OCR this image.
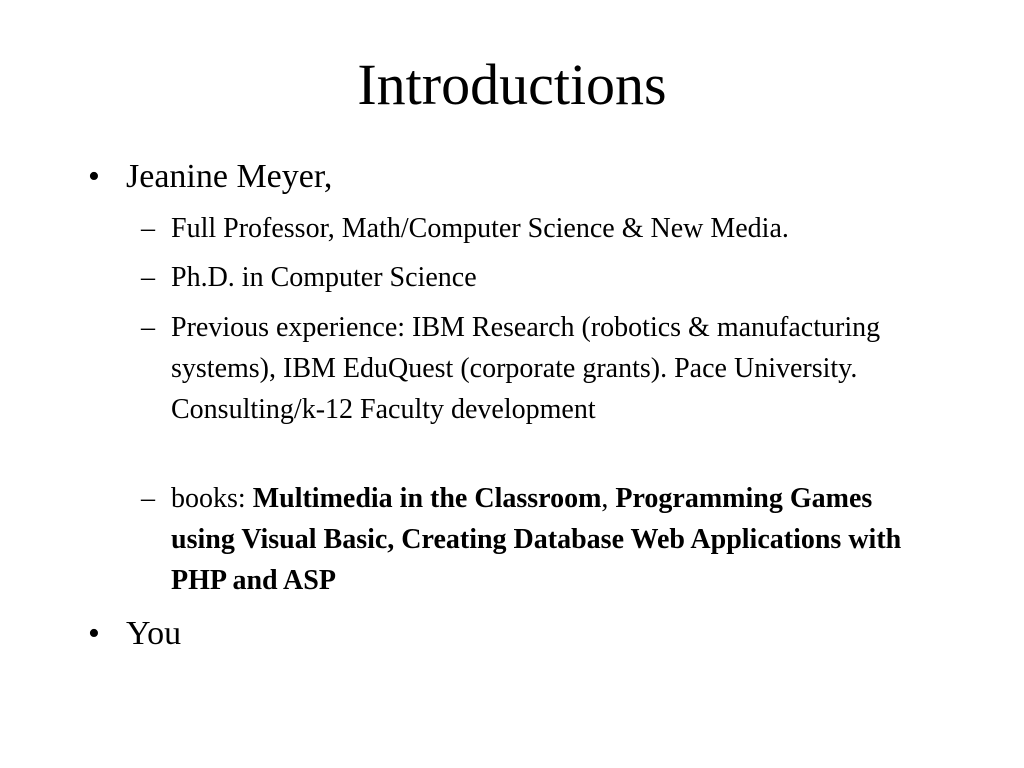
Introductions
• Jeanine Meyer,
– Full Professor, Math/Computer Science & New Media.
– Ph.D. in Computer Science
– Previous experience: IBM Research (robotics & manufacturing systems), IBM EduQuest (corporate grants). Pace University. Consulting/k-12 Faculty development
– books: Multimedia in the Classroom, Programming Games using Visual Basic, Creating Database Web Applications with PHP and ASP
• You
